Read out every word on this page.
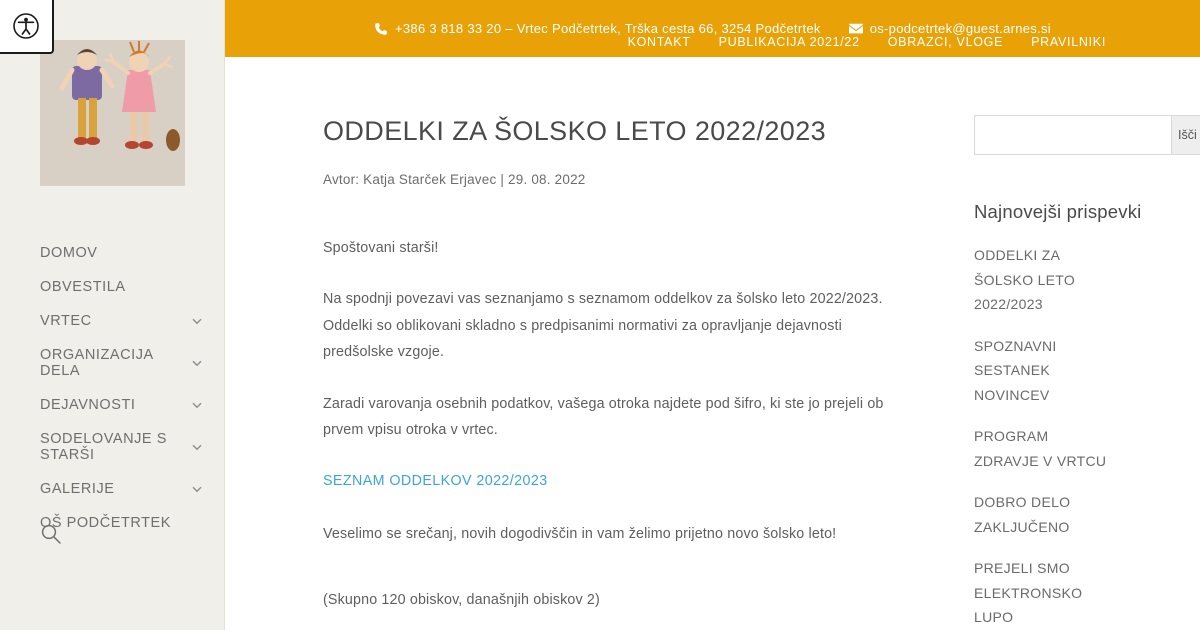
DOMOV
OBVESTILA
VRTEC
ORGANIZACIJA DELA
DEJAVNOSTI
SODELOVANJE S STARŠI
GALERIJE
OŠ PODČETRTEK
+386 3 818 33 20 – Vrtec Podčetrtek, Trška cesta 66, 3254 Podčetrtek	os-podcetrtek@guest.arnes.si
KONTAKT PUBLIKACIJA 2021/22 OBRAZCI, VLOGE PRAVILNIKI
ODDELKI ZA ŠOLSKO LETO 2022/2023
Avtor: Katja Starček Erjavec | 29. 08. 2022

Spoštovani starši!

Na spodnji povezavi vas seznanjamo s seznamom oddelkov za šolsko leto 2022/2023. Oddelki so oblikovani skladno s predpisanimi normativi za opravljanje dejavnosti predšolske vzgoje.

Zaradi varovanja osebnih podatkov, vašega otroka najdete pod šifro, ki ste jo prejeli ob prvem vpisu otroka v vrtec.

SEZNAM ODDELKOV 2022/2023

Veselimo se srečanj, novih dogodivščin in vam želimo prijetno novo šolsko leto!

(Skupno 120 obiskov, današnjih obiskov 2)

Išči
Najnovejši prispevki
ODDELKI ZA ŠOLSKO LETO 2022/2023
SPOZNAVNI SESTANEK NOVINCEV
PROGRAM ZDRAVJE V VRTCU
DOBRO DELO ZAKLJUČENO
PREJELI SMO ELEKTRONSKO LUPO
